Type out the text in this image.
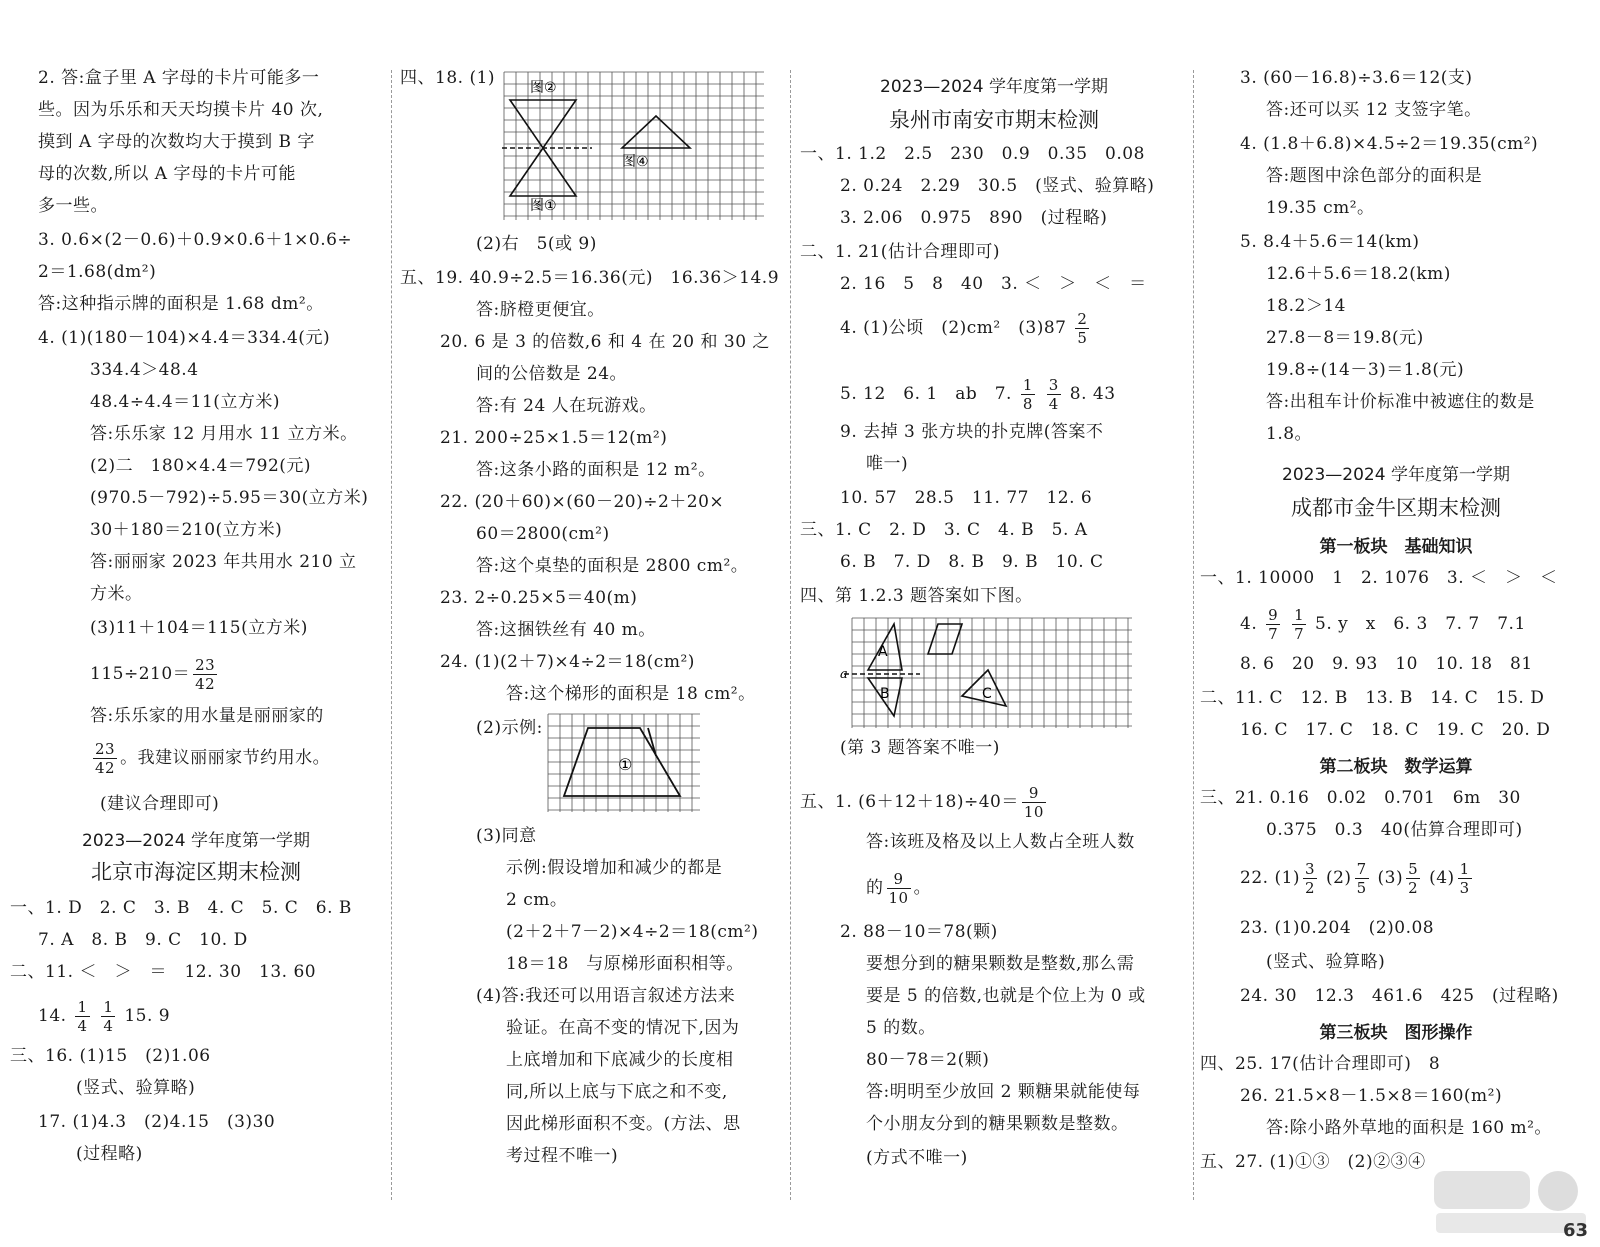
2. 答:盒子里 A 字母的卡片可能多一
些。因为乐乐和天天均摸卡片 40 次,
摸到 A 字母的次数均大于摸到 B 字
母的次数,所以 A 字母的卡片可能
多一些。
3. 0.6×(2－0.6)＋0.9×0.6＋1×0.6÷
2＝1.68(dm²)
答:这种指示牌的面积是 1.68 dm²。
4. (1)(180－104)×4.4＝334.4(元)
334.4＞48.4
48.4÷4.4＝11(立方米)
答:乐乐家 12 月用水 11 立方米。
(2)二　180×4.4＝792(元)
(970.5－792)÷5.95＝30(立方米)
30＋180＝210(立方米)
答:丽丽家 2023 年共用水 210 立
方米。
(3)11＋104＝115(立方米)
$115\div 210= \frac{23}{42}$
答:乐乐家的用水量是丽丽家的
$\frac{23}{42}$ 。我建议丽丽家节约用水。
(建议合理即可)
2023—2024 学年度第一学期
北京市海淀区期末检测
一、1. D　2. C　3. B　4. C　5. C　6. B
7. A　8. B　9. C　10. D
二、11. ＜　＞　＝　12. 30　13. 60
14. $\frac{1}{4}$
$\frac{1}{4} 15$. 9
三、16. (1)15　(2)1.06
(竖式、验算略)
17. (1)4.3　(2)4.15　(3)30
(过程略)
四、18. (1)	图②
图④
图①
(2)右　5(或 9)
五、19. 40.9÷2.5＝16.36(元)　16.36＞14.9
答:脐橙更便宜。
20. 6 是 3 的倍数,6 和 4 在 20 和 30 之
间的公倍数是 24。
答:有 24 人在玩游戏。
21. 200÷25×1.5＝12(m²)
答:这条小路的面积是 12 m²。
22. (20＋60)×(60－20)÷2＋20×
60＝2800(cm²)
答:这个桌垫的面积是 2800 cm²。
23. 2÷0.25×5＝40(m)
答:这捆铁丝有 40 m。
24. (1)(2＋7)×4÷2＝18(cm²)
答:这个梯形的面积是 18 cm²。
(2)示例:
①
(3)同意
示例:假设增加和减少的都是
2 cm。
(2＋2＋7－2)×4÷2＝18(cm²)
18＝18　与原梯形面积相等。
(4)答:我还可以用语言叙述方法来
验证。在高不变的情况下,因为
上底增加和下底减少的长度相
同,所以上底与下底之和不变,
因此梯形面积不变。(方法、思
考过程不唯一)
2023—2024 学年度第一学期
泉州市南安市期末检测
一、1. 1.2　2.5　230　0.9　0.35　0.08
2. 0.24　2.29　30.5　(竖式、验算略)
3. 2.06　0.975　890　(过程略)
二、1. 21(估计合理即可)
2. 16　5　8　40　3. ＜　＞　＜　＝
4. (1)公顷　(2)cm²　$(3)87 \frac{2}{5}$
5. 12　6. 1　ab　7. $\frac{1}{8}$
$\frac{3}{4} 8$. 43
9. 去掉 3 张方块的扑克牌(答案不
唯一)
10. 57　28.5　11. 77　12. 6
三、1. C　2. D　3. C　4. B　5. A
6. B　7. D　8. B　9. B　10. C
四、第 1.2.3 题答案如下图。
A
B	C
a
(第 3 题答案不唯一)
五、1. $(6+12+18)\div 40= \frac{9}{10}$
答:该班及格及以上人数占全班人数
的 $\frac{9}{10}$ 。
2. 88－10＝78(颗)
要想分到的糖果颗数是整数,那么需
要是 5 的倍数,也就是个位上为 0 或
5 的数。
80－78＝2(颗)
答:明明至少放回 2 颗糖果就能使每
个小朋友分到的糖果颗数是整数。
(方式不唯一)
3. (60－16.8)÷3.6＝12(支)
答:还可以买 12 支签字笔。
4. (1.8＋6.8)×4.5÷2＝19.35(cm²)
答:题图中涂色部分的面积是
19.35 cm²。
5. 8.4＋5.6＝14(km)
12.6＋5.6＝18.2(km)
18.2＞14
27.8－8＝19.8(元)
19.8÷(14－3)＝1.8(元)
答:出租车计价标准中被遮住的数是
1.8。
2023—2024 学年度第一学期
成都市金牛区期末检测
第一板块　基础知识
一、1. 10000　1　2. 1076　3. ＜　＞　＜
4. $\frac{9}{7}$
$\frac{1}{7} 5$. y　x　6. 3　7. 7　7.1
8. 6　20　9. 93　10　10. 18　81
二、11. C　12. B　13. B　14. C　15. D
16. C　17. C　18. C　19. C　20. D
第二板块　数学运算
三、21. 0.16　0.02　0.701　6m　30
0.375　0.3　40(估算合理即可)
22. $(1) \frac{3}{2} (2) \frac{7}{5} (3) \frac{5}{2} (4) \frac{1}{3}$
23. (1)0.204　(2)0.08
(竖式、验算略)
24. 30　12.3　461.6　425　(过程略)
第三板块　图形操作
四、25. 17(估计合理即可)　8
26. 21.5×8－1.5×8＝160(m²)
答:除小路外草地的面积是 160 m²。
五、27. (1)①③　(2)②③④
63
